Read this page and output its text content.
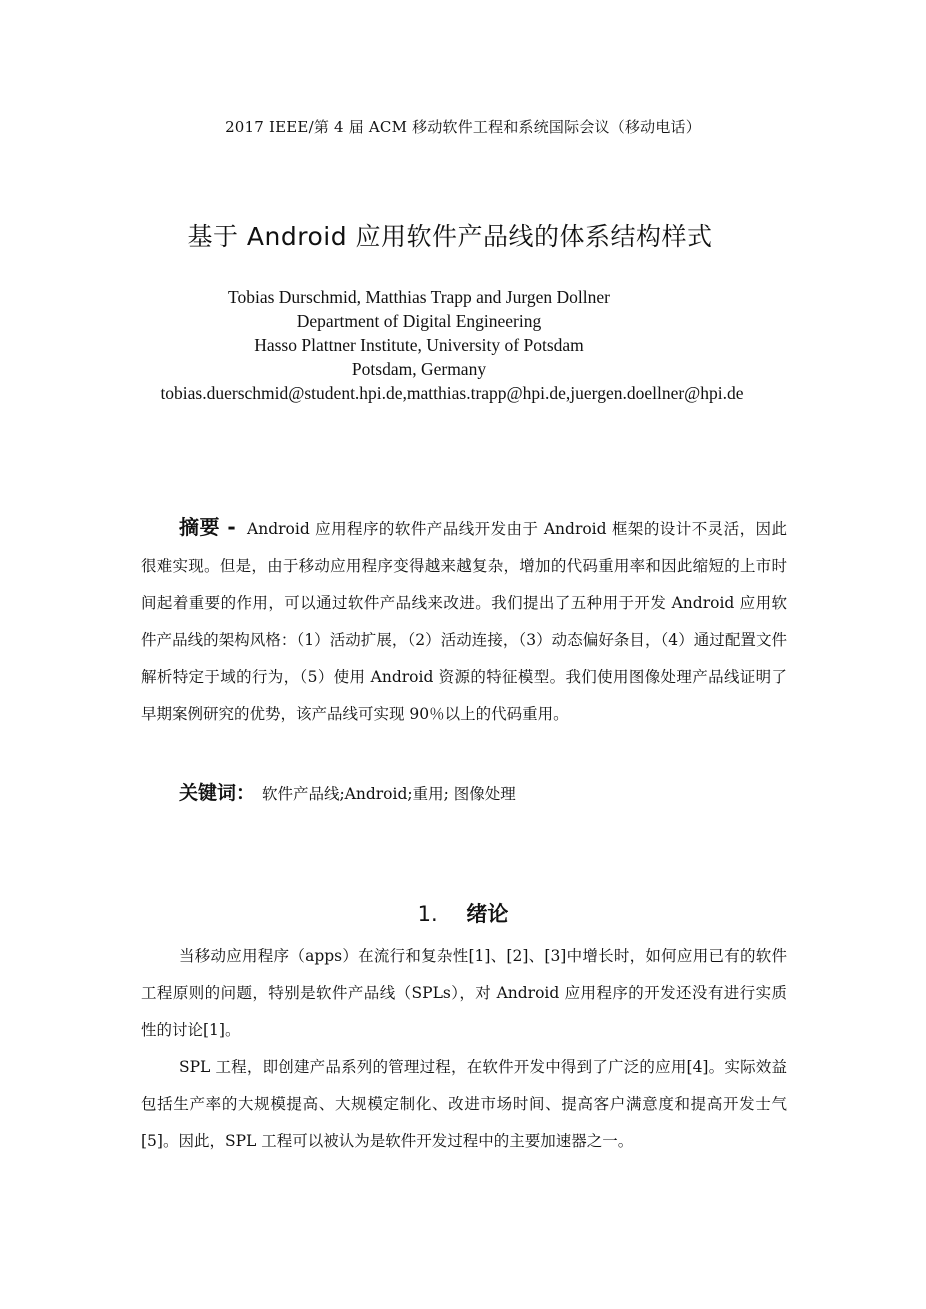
2017 IEEE/第 4 届 ACM 移动软件工程和系统国际会议（移动电话）
基于 Android 应用软件产品线的体系结构样式
Tobias Durschmid, Matthias Trapp and Jurgen Dollner
Department of Digital Engineering
Hasso Plattner Institute, University of Potsdam
Potsdam, Germany
tobias.duerschmid@student.hpi.de,matthias.trapp@hpi.de,juergen.doellner@hpi.de
摘要 - Android 应用程序的软件产品线开发由于 Android 框架的设计不灵活，因此很难实现。但是，由于移动应用程序变得越来越复杂，增加的代码重用率和因此缩短的上市时间起着重要的作用，可以通过软件产品线来改进。我们提出了五种用于开发 Android 应用软件产品线的架构风格：（1）活动扩展，（2）活动连接，（3）动态偏好条目，（4）通过配置文件解析特定于域的行为，（5）使用 Android 资源的特征模型。我们使用图像处理产品线证明了早期案例研究的优势，该产品线可实现 90％以上的代码重用。
关键词： 软件产品线;Android;重用; 图像处理
1. 绪论
当移动应用程序（apps）在流行和复杂性[1]、[2]、[3]中增长时，如何应用已有的软件工程原则的问题，特别是软件产品线（SPLs），对 Android 应用程序的开发还没有进行实质性的讨论[1]。
SPL 工程，即创建产品系列的管理过程，在软件开发中得到了广泛的应用[4]。实际效益包括生产率的大规模提高、大规模定制化、改进市场时间、提高客户满意度和提高开发士气[5]。因此，SPL 工程可以被认为是软件开发过程中的主要加速器之一。
